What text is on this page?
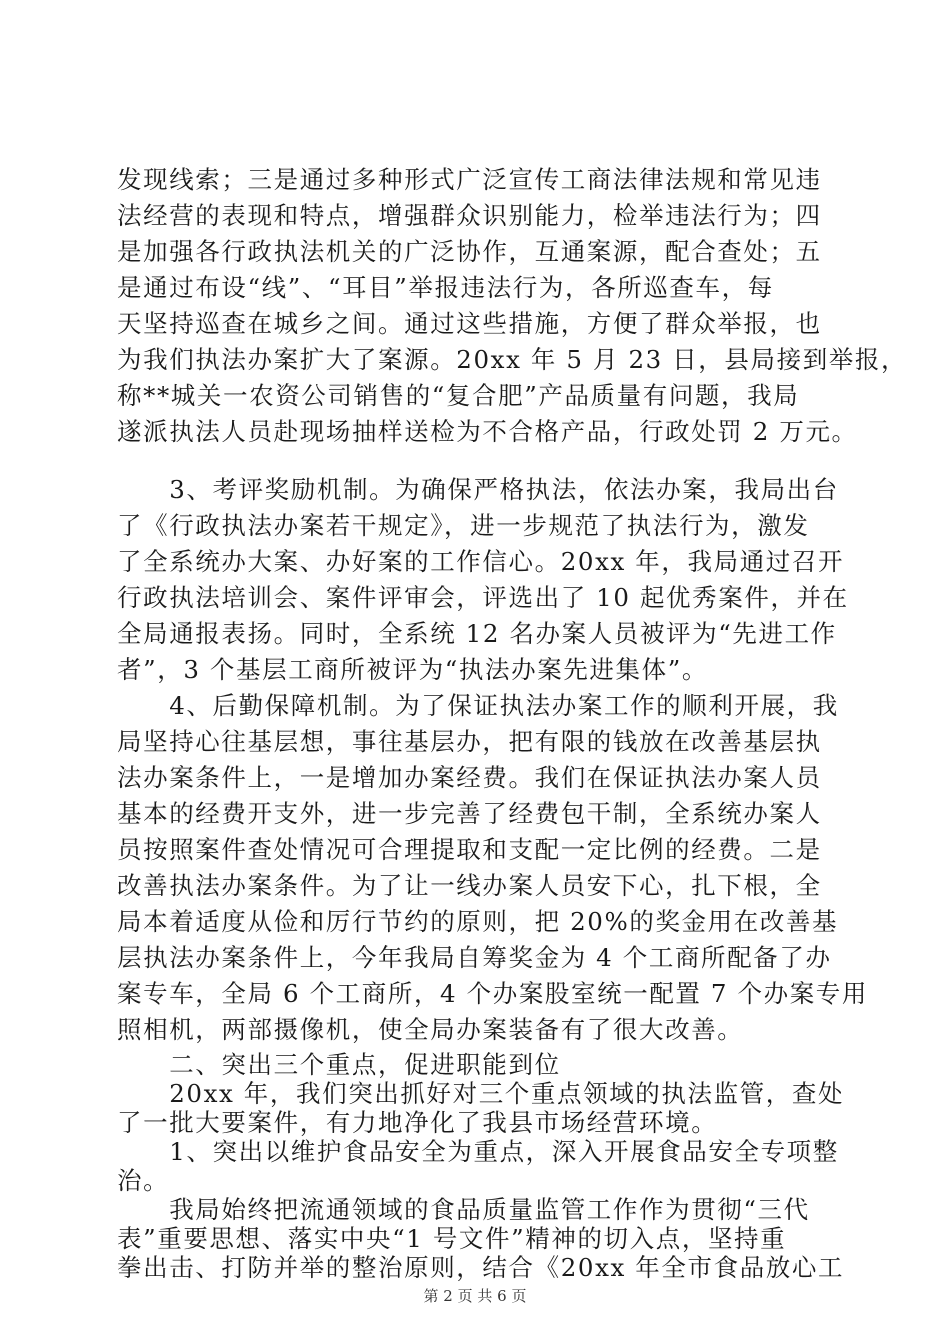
发现线索；三是通过多种形式广泛宣传工商法律法规和常见违
法经营的表现和特点，增强群众识别能力，检举违法行为；四
是加强各行政执法机关的广泛协作，互通案源，配合查处；五
是通过布设“线”、“耳目”举报违法行为，各所巡查车，每
天坚持巡查在城乡之间。通过这些措施，方便了群众举报，也
为我们执法办案扩大了案源。20xx 年 5 月 23 日，县局接到举报，
称**城关一农资公司销售的“复合肥”产品质量有问题，我局
遂派执法人员赴现场抽样送检为不合格产品，行政处罚 2 万元。
　　3、考评奖励机制。为确保严格执法，依法办案，我局出台
了《行政执法办案若干规定》，进一步规范了执法行为，激发
了全系统办大案、办好案的工作信心。20xx 年，我局通过召开
行政执法培训会、案件评审会，评选出了 10 起优秀案件，并在
全局通报表扬。同时，全系统 12 名办案人员被评为“先进工作
者”，3 个基层工商所被评为“执法办案先进集体”。
　　4、后勤保障机制。为了保证执法办案工作的顺利开展，我
局坚持心往基层想，事往基层办，把有限的钱放在改善基层执
法办案条件上，一是增加办案经费。我们在保证执法办案人员
基本的经费开支外，进一步完善了经费包干制，全系统办案人
员按照案件查处情况可合理提取和支配一定比例的经费。二是
改善执法办案条件。为了让一线办案人员安下心，扎下根，全
局本着适度从俭和厉行节约的原则，把 20%的奖金用在改善基
层执法办案条件上，今年我局自筹奖金为 4 个工商所配备了办
案专车，全局 6 个工商所，4 个办案股室统一配置 7 个办案专用
照相机，两部摄像机，使全局办案装备有了很大改善。
　　二、突出三个重点，促进职能到位
　　20xx 年，我们突出抓好对三个重点领域的执法监管，查处
了一批大要案件，有力地净化了我县市场经营环境。
　　1、突出以维护食品安全为重点，深入开展食品安全专项整
治。
　　我局始终把流通领域的食品质量监管工作作为贯彻“三代
表”重要思想、落实中央“1 号文件”精神的切入点，坚持重
拳出击、打防并举的整治原则，结合《20xx 年全市食品放心工
第 2 页 共 6 页
